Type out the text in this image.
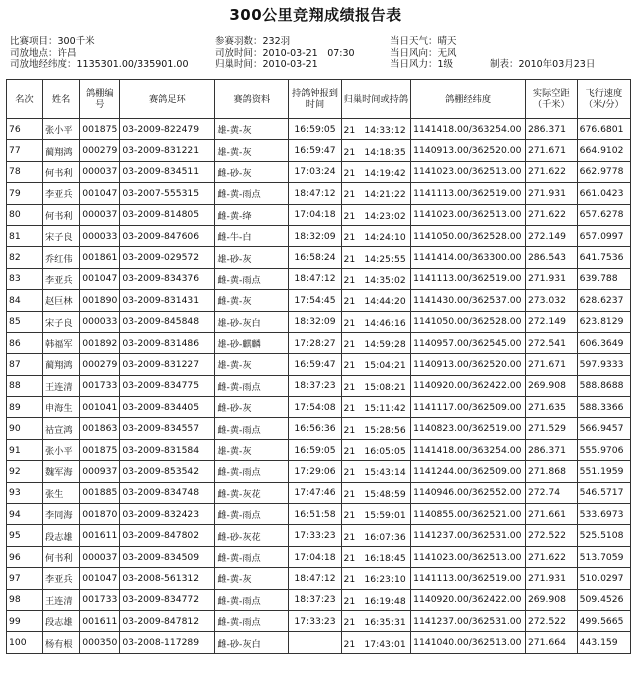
300公里竞翔成绩报告表
比赛项目：300千米
司放地点：许昌
司放地经纬度：1135301.00/335901.00
参赛羽数：232羽
司放时间：2010-03-21　07:30
归巢时间：2010-03-21
当日天气：晴天
当日风向：无风
当日风力：1级	制表：2010年03月23日
名次	姓名	鸽棚编号	赛鸽足环	赛鸽资料	持鸽钟报到时间	归巢时间或持鸽	鸽棚经纬度	实际空距（千米）	飞行速度（米/分）
76	张小平	001875	03-2009-822479	雄-黄-灰	16:59:05	21　14:33:12	1141418.00/363254.00	286.371	676.6801
77	蔺翔鸿	000279	03-2009-831221	雄-黄-灰	16:59:47	21　14:18:35	1140913.00/362520.00	271.671	664.9102
78	何书利	000037	03-2009-834511	雌-砂-灰	17:03:24	21　14:19:42	1141023.00/362513.00	271.622	662.9778
79	李亚兵	001047	03-2007-555315	雌-黄-雨点	18:47:12	21　14:21:22	1141113.00/362519.00	271.931	661.0423
80	何书利	000037	03-2009-814805	雌-黄-绛	17:04:18	21　14:23:02	1141023.00/362513.00	271.622	657.6278
81	宋子良	000033	03-2009-847606	雌-牛-白	18:32:09	21　14:24:10	1141050.00/362528.00	272.149	657.0997
82	乔红伟	001861	03-2009-029572	雄-砂-灰	16:58:24	21　14:25:55	1141414.00/363300.00	286.543	641.7536
83	李亚兵	001047	03-2009-834376	雌-黄-雨点	18:47:12	21　14:35:02	1141113.00/362519.00	271.931	639.788
84	赵巨林	001890	03-2009-831431	雌-黄-灰	17:54:45	21　14:44:20	1141430.00/362537.00	273.032	628.6237
85	宋子良	000033	03-2009-845848	雄-砂-灰白	18:32:09	21　14:46:16	1141050.00/362528.00	272.149	623.8129
86	韩福军	001892	03-2009-831486	雄-砂-麒麟	17:28:27	21　14:59:28	1140957.00/362545.00	272.541	606.3649
87	蔺翔鸿	000279	03-2009-831227	雄-黄-灰	16:59:47	21　15:04:21	1140913.00/362520.00	271.671	597.9333
88	王连清	001733	03-2009-834775	雌-黄-雨点	18:37:23	21　15:08:21	1140920.00/362422.00	269.908	588.8688
89	申海生	001041	03-2009-834405	雌-砂-灰	17:54:08	21　15:11:42	1141117.00/362509.00	271.635	588.3366
90	祜宣鸿	001863	03-2009-834557	雌-黄-雨点	16:56:36	21　15:28:56	1140823.00/362519.00	271.529	566.9457
91	张小平	001875	03-2009-831584	雄-黄-灰	16:59:05	21　16:05:05	1141418.00/363254.00	286.371	555.9706
92	魏军海	000937	03-2009-853542	雌-黄-雨点	17:29:06	21　15:43:14	1141244.00/362509.00	271.868	551.1959
93	张生	001885	03-2009-834748	雌-黄-灰花	17:47:46	21　15:48:59	1140946.00/362552.00	272.74	546.5717
94	李同海	001870	03-2009-832423	雌-黄-雨点	16:51:58	21　15:59:01	1140855.00/362521.00	271.661	533.6973
95	段志雄	001611	03-2009-847802	雌-砂-灰花	17:33:23	21　16:07:36	1141237.00/362531.00	272.522	525.5108
96	何书利	000037	03-2009-834509	雌-黄-雨点	17:04:18	21　16:18:45	1141023.00/362513.00	271.622	513.7059
97	李亚兵	001047	03-2008-561312	雌-黄-灰	18:47:12	21　16:23:10	1141113.00/362519.00	271.931	510.0297
98	王连清	001733	03-2009-834772	雌-黄-雨点	18:37:23	21　16:19:48	1140920.00/362422.00	269.908	509.4526
99	段志雄	001611	03-2009-847812	雌-黄-雨点	17:33:23	21　16:35:31	1141237.00/362531.00	272.522	499.5665
100	杨有根	000350	03-2008-117289	雌-砂-灰白		21　17:43:01	1141040.00/362513.00	271.664	443.159
